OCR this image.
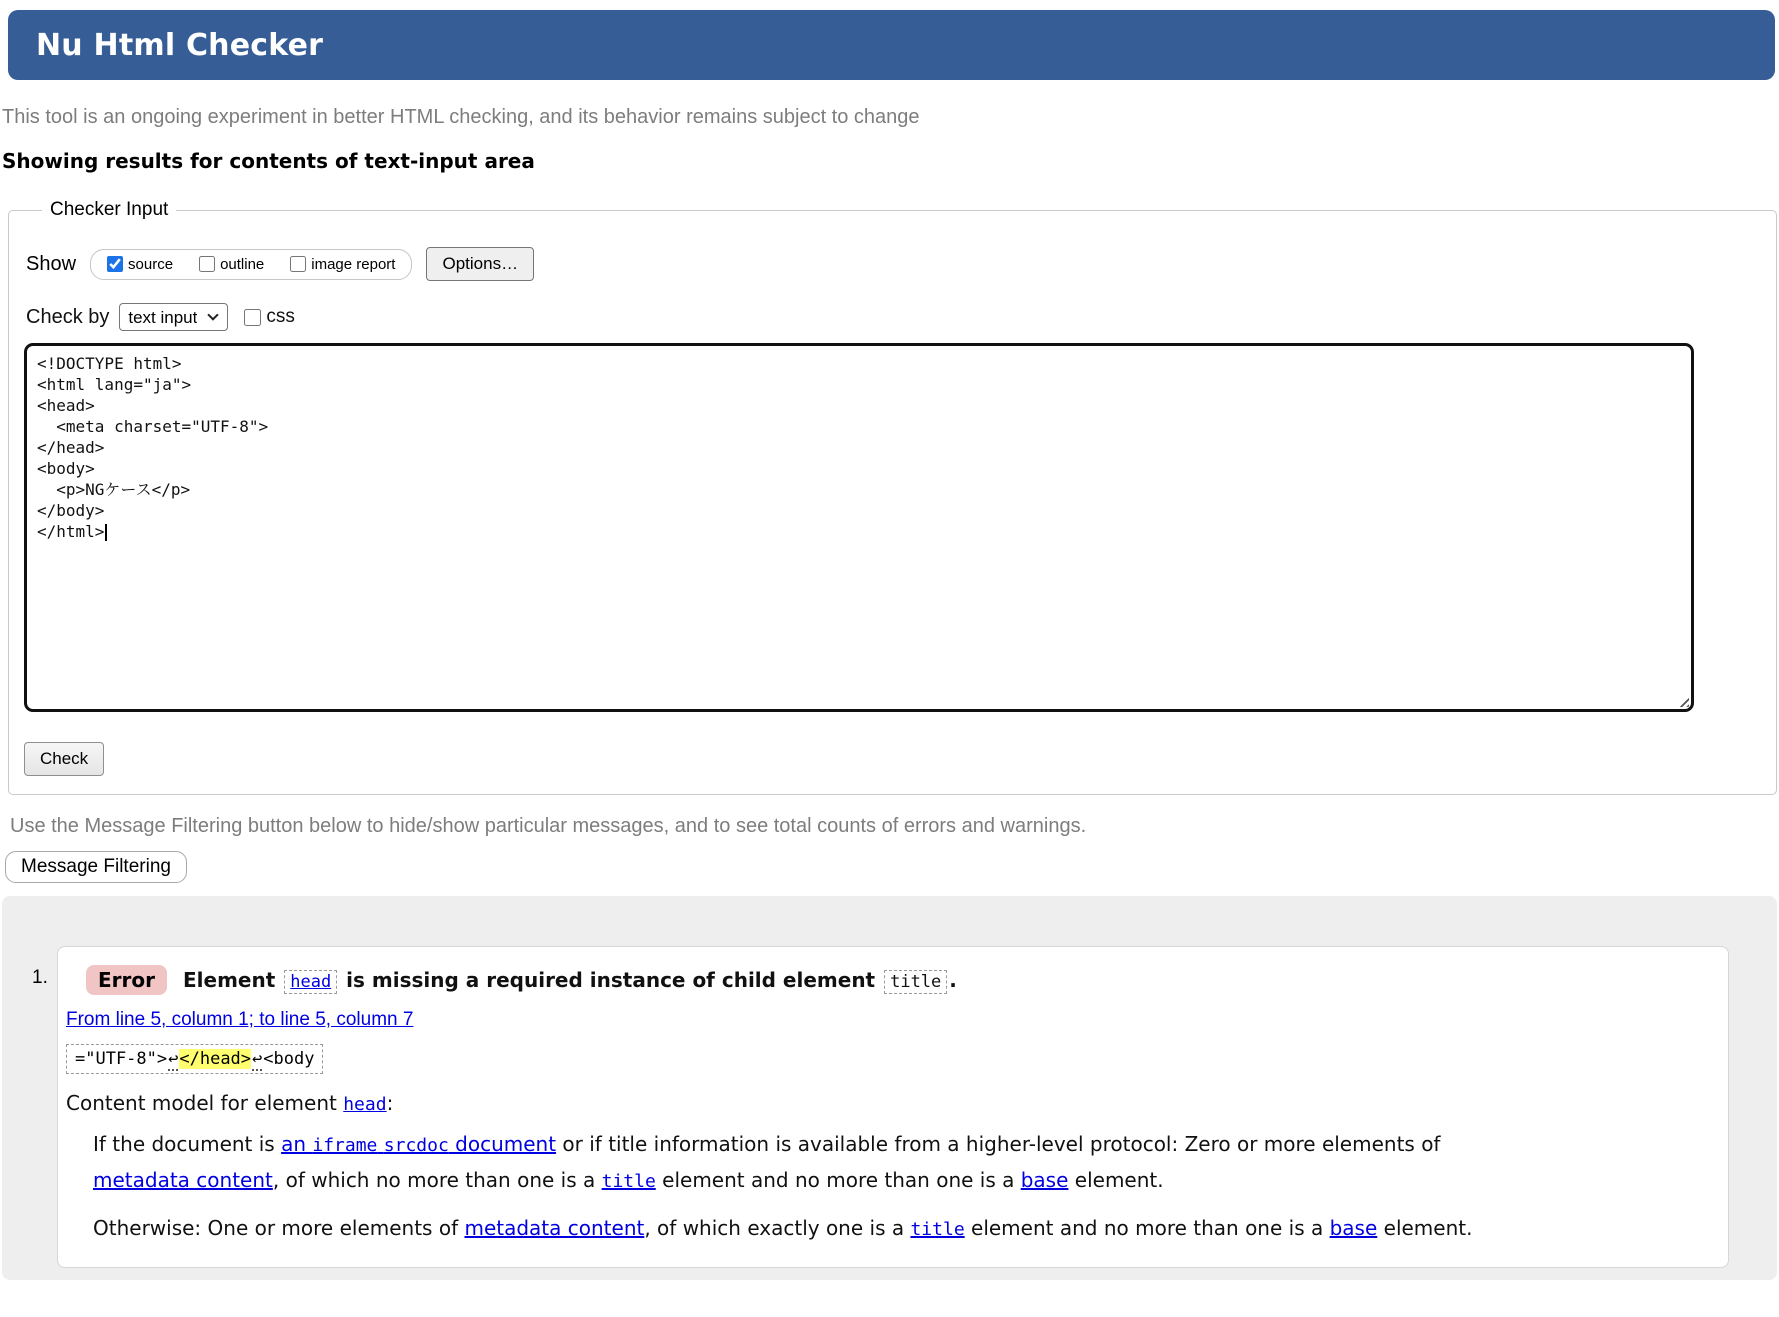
Nu Html Checker

This tool is an ongoing experiment in better HTML checking, and its behavior remains subject to change

Showing results for contents of text-input area
Checker Input
Show	source	outline	image report	Options…
Check by
text input	css
<!DOCTYPE html>
<html lang="ja">
<head>
<meta charset="UTF-8">
</head>
<body>
<p>NGケース</p>
</body>
</html>
Check

Use the Message Filtering button below to hide/show particular messages, and to see total counts of errors and warnings.

Message Filtering
1.	Error Element head is missing a required instance of child element title .

From line 5, column 1; to line 5, column 7

="UTF-8">↩</head>↩<body

Content model for element head:

If the document is an iframe srcdoc document or if title information is available from a higher-level protocol: Zero or more elements of metadata content, of which no more than one is a title element and no more than one is a base element.

Otherwise: One or more elements of metadata content, of which exactly one is a title element and no more than one is a base element.
